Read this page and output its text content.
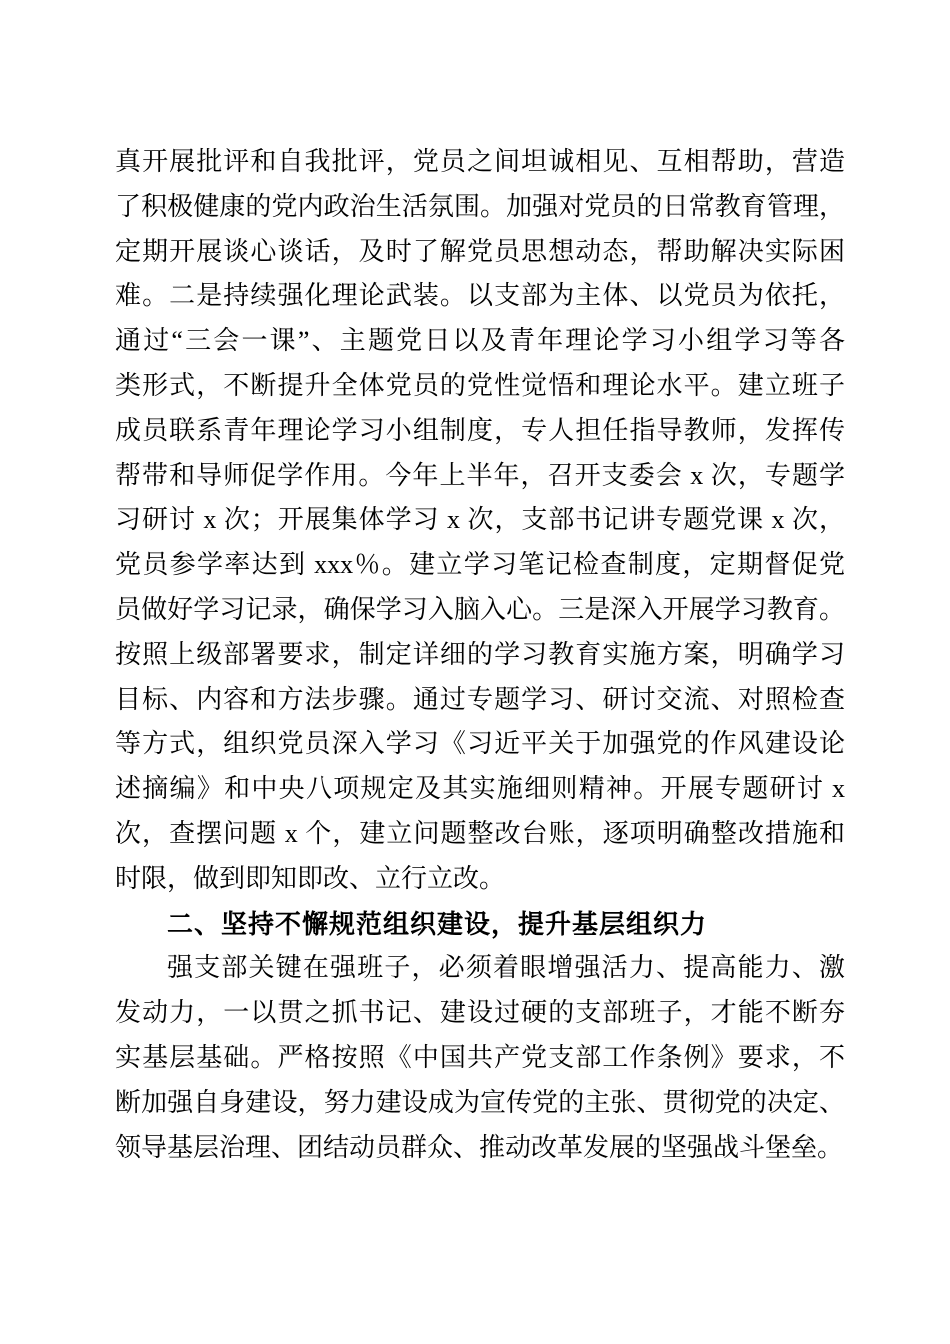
真开展批评和自我批评，党员之间坦诚相见、互相帮助，营造
了积极健康的党内政治生活氛围。加强对党员的日常教育管理，
定期开展谈心谈话，及时了解党员思想动态，帮助解决实际困
难。二是持续强化理论武装。以支部为主体、以党员为依托，
通过“三会一课”、主题党日以及青年理论学习小组学习等各
类形式，不断提升全体党员的党性觉悟和理论水平。建立班子
成员联系青年理论学习小组制度，专人担任指导教师，发挥传
帮带和导师促学作用。今年上半年，召开支委会 x 次，专题学
习研讨 x 次；开展集体学习 x 次，支部书记讲专题党课 x 次，
党员参学率达到 xxx％。建立学习笔记检查制度，定期督促党
员做好学习记录，确保学习入脑入心。三是深入开展学习教育。
按照上级部署要求，制定详细的学习教育实施方案，明确学习
目标、内容和方法步骤。通过专题学习、研讨交流、对照检查
等方式，组织党员深入学习《习近平关于加强党的作风建设论
述摘编》和中央八项规定及其实施细则精神。开展专题研讨 x
次，查摆问题 x 个，建立问题整改台账，逐项明确整改措施和
时限，做到即知即改、立行立改。
二、坚持不懈规范组织建设，提升基层组织力
强支部关键在强班子，必须着眼增强活力、提高能力、激
发动力，一以贯之抓书记、建设过硬的支部班子，才能不断夯
实基层基础。严格按照《中国共产党支部工作条例》要求，不
断加强自身建设，努力建设成为宣传党的主张、贯彻党的决定、
领导基层治理、团结动员群众、推动改革发展的坚强战斗堡垒。
